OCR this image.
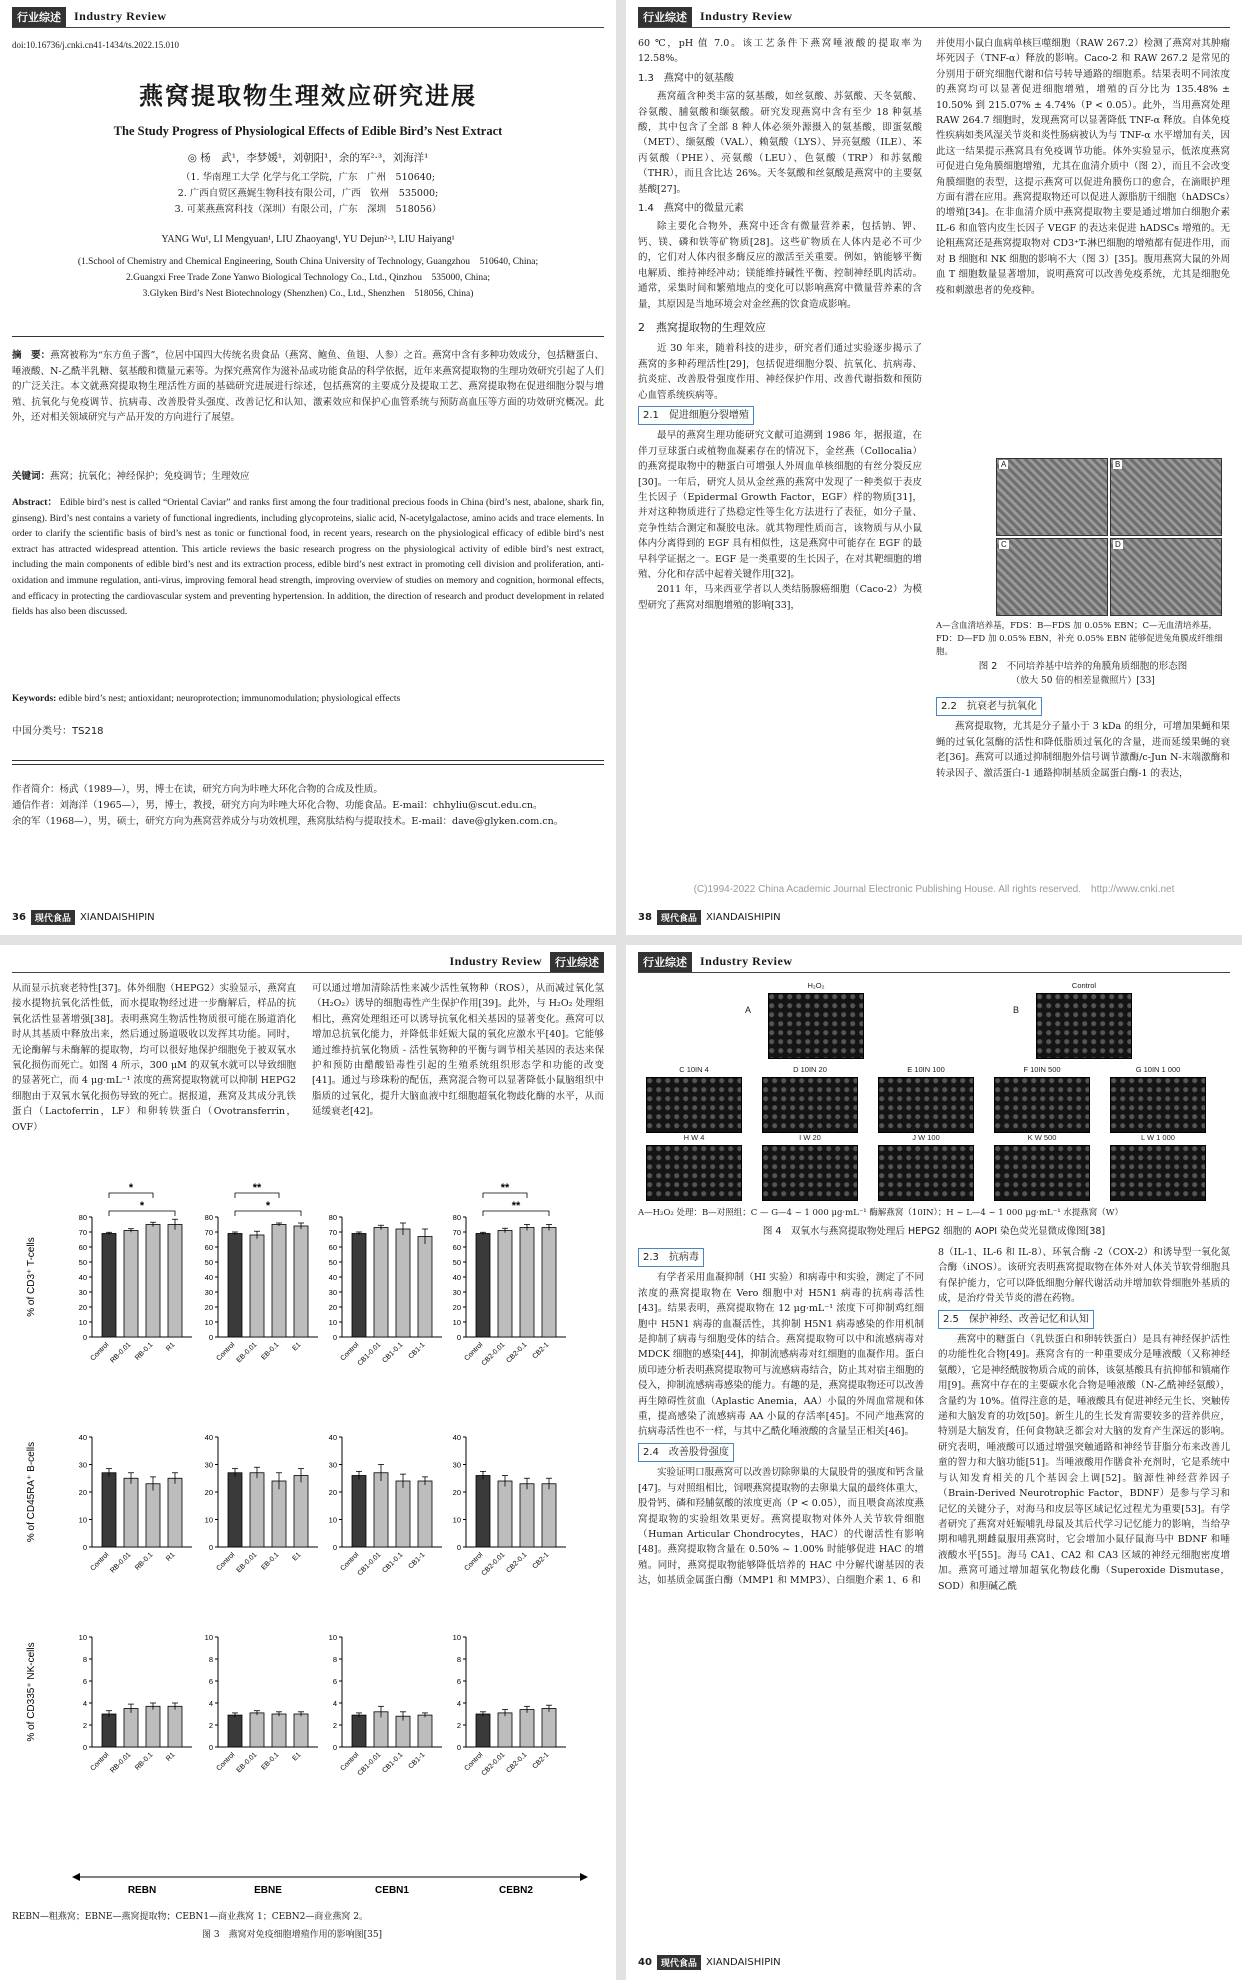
行业综述	Industry Review
doi:10.16736/j.cnki.cn41-1434/ts.2022.15.010
燕窝提取物生理效应研究进展
The Study Progress of Physiological Effects of Edible Bird’s Nest Extract
◎ 杨　武¹，李梦媛¹，刘朝阳¹，余的军²·³，刘海洋¹
（1. 华南理工大学 化学与化工学院，广东　广州　510640;
2. 广西自贸区燕娓生物科技有限公司，广西　钦州　535000;
3. 可莱燕燕窝科技（深圳）有限公司，广东　深圳　518056）
YANG Wu¹, LI Mengyuan¹, LIU Zhaoyang¹, YU Dejun²·³, LIU Haiyang¹
(1.School of Chemistry and Chemical Engineering, South China University of Technology, Guangzhou　510640, China;
2.Guangxi Free Trade Zone Yanwo Biological Technology Co., Ltd., Qinzhou　535000, China;
3.Glyken Bird’s Nest Biotechnology (Shenzhen) Co., Ltd., Shenzhen　518056, China)
摘　要：燕窝被称为“东方鱼子酱”，位居中国四大传统名贵食品（燕窝、鲍鱼、鱼翅、人参）之首。燕窝中含有多种功效成分，包括糖蛋白、唾液酸、N-乙酰半乳糖、氨基酸和微量元素等。为探究燕窝作为滋补品或功能食品的科学依据，近年来燕窝提取物的生理功效研究引起了人们的广泛关注。本文就燕窝提取物生理活性方面的基础研究进展进行综述，包括燕窝的主要成分及提取工艺、燕窝提取物在促进细胞分裂与增殖、抗氧化与免疫调节、抗病毒、改善股骨头强度、改善记忆和认知、激素效应和保护心血管系统与预防高血压等方面的功效研究概况。此外，还对相关领域研究与产品开发的方向进行了展望。
关键词：燕窝；抗氧化；神经保护；免疫调节；生理效应
Abstract： Edible bird’s nest is called “Oriental Caviar” and ranks first among the four traditional precious foods in China (bird’s nest, abalone, shark fin, ginseng). Bird’s nest contains a variety of functional ingredients, including glycoproteins, sialic acid, N-acetylgalactose, amino acids and trace elements. In order to clarify the scientific basis of bird’s nest as tonic or functional food, in recent years, research on the physiological efficacy of edible bird’s nest extract has attracted widespread attention. This article reviews the basic research progress on the physiological activity of edible bird’s nest extract, including the main components of edible bird’s nest and its extraction process, edible bird’s nest extract in promoting cell division and proliferation, anti-oxidation and immune regulation, anti-virus, improving femoral head strength, improving overview of studies on memory and cognition, hormonal effects, and efficacy in protecting the cardiovascular system and preventing hypertension. In addition, the direction of research and product development in related fields has also been discussed.
Keywords: edible bird’s nest; antioxidant; neuroprotection; immunomodulation; physiological effects
中国分类号：TS218
作者简介：杨武（1989—），男，博士在读，研究方向为咔唑大环化合物的合成及性质。
通信作者：刘海洋（1965—），男，博士，教授，研究方向为咔唑大环化合物、功能食品。E-mail：chhyliu@scut.edu.cn。
余的军（1968—），男，硕士，研究方向为燕窝营养成分与功效机理，燕窝肽结构与提取技术。E-mail：dave@glyken.com.cn。
36	现代食品 XIANDAISHIPIN
行业综述	Industry Review
60 ℃，pH 值 7.0。该工艺条件下燕窝唾液酸的提取率为 12.58%。
1.3　燕窝中的氨基酸
燕窝蕴含种类丰富的氨基酸，如丝氨酸、苏氨酸、天冬氨酸、谷氨酸、脯氨酸和缬氨酸。研究发现燕窝中含有至少 18 种氨基酸，其中包含了全部 8 种人体必须外源摄入的氨基酸，即蛋氨酸（MET）、缬氨酸（VAL）、赖氨酸（LYS）、异亮氨酸（ILE）、苯丙氨酸（PHE）、亮氨酸（LEU）、色氨酸（TRP）和苏氨酸（THR），而且含比达 26%。天冬氨酸和丝氨酸是燕窝中的主要氨基酸[27]。
1.4　燕窝中的微量元素
除主要化合物外，燕窝中还含有微量营养素，包括钠、钾、钙、镁、磷和铁等矿物质[28]。这些矿物质在人体内是必不可少的，它们对人体内很多酶反应的激活至关重要。例如，钠能够平衡电解质、维持神经冲动；镁能维持碱性平衡、控制神经肌肉活动。通常，采集时间和繁殖地点的变化可以影响燕窝中微量营养素的含量，其原因是当地环境会对金丝燕的饮食造成影响。
2　燕窝提取物的生理效应
近 30 年来，随着科技的进步，研究者们通过实验逐步揭示了燕窝的多种药理活性[29]，包括促进细胞分裂、抗氧化、抗病毒、抗炎症、改善股骨强度作用、神经保护作用、改善代谢指数和预防心血管系统疾病等。
2.1　促进细胞分裂增殖
最早的燕窝生理功能研究文献可追溯到 1986 年，据报道，在伴刀豆球蛋白或植物血凝素存在的情况下，金丝燕（Collocalia）的燕窝提取物中的糖蛋白可增强人外周血单核细胞的有丝分裂反应[30]。一年后，研究人员从金丝燕的燕窝中发现了一种类似于表皮生长因子（Epidermal Growth Factor，EGF）样的物质[31]，并对这种物质进行了热稳定性等生化方法进行了表征，如分子量、竞争性结合测定和凝胶电泳。就其物理性质而言，该物质与从小鼠体内分离得到的 EGF 具有相似性，这是燕窝中可能存在 EGF 的最早科学证据之一。EGF 是一类重要的生长因子，在对其靶细胞的增殖、分化和存活中起着关键作用[32]。
2011 年，马来西亚学者以人类结肠腺癌细胞（Caco-2）为模型研究了燕窝对细胞增殖的影响[33]，
并使用小鼠白血病单核巨噬细胞（RAW 267.2）检测了燕窝对其肿瘤坏死因子（TNF-α）释放的影响。Caco-2 和 RAW 267.2 是常见的分别用于研究细胞代谢和信号转导通路的细胞系。结果表明不同浓度的燕窝均可以显著促进细胞增殖，增殖的百分比为 135.48% ± 10.50% 到 215.07% ± 4.74%（P < 0.05）。此外，当用燕窝处理 RAW 264.7 细胞时，发现燕窝可以显著降低 TNF-α 释放。自体免疫性疾病如类风湿关节炎和炎性肠病被认为与 TNF-α 水平增加有关，因此这一结果提示燕窝具有免疫调节功能。体外实验显示，低浓度燕窝可促进白兔角膜细胞增殖，尤其在血清介质中（图 2），而且不会改变角膜细胞的表型，这提示燕窝可以促进角膜伤口的愈合，在滴眼护理方面有潜在应用。燕窝提取物还可以促进人源脂肪干细胞（hADSCs）的增殖[34]。在非血清介质中燕窝提取物主要是通过增加白细胞介素 IL-6 和血管内皮生长因子 VEGF 的表达来促进 hADSCs 增殖的。无论粗燕窝还是燕窝提取物对 CD3⁺T-淋巴细胞的增殖都有促进作用，而对 B 细胞和 NK 细胞的影响不大（图 3）[35]。腹用燕窝大鼠的外周血 T 细胞数量显著增加，说明燕窝可以改善免疫系统，尤其是细胞免疫和刺激患者的免疫种。
A	B
C	D
A—含血清培养基，FDS：B—FDS 加 0.05% EBN；C—无血清培养基，FD：D—FD 加 0.05% EBN，补充 0.05% EBN 能够促进兔角膜成纤维细胞。
图 2　不同培养基中培养的角膜角质细胞的形态图
（放大 50 倍的相差显微照片）[33]
2.2　抗衰老与抗氧化
燕窝提取物，尤其是分子量小于 3 kDa 的组分，可增加果蝇和果蝇的过氧化氢酶的活性和降低脂质过氧化的含量，进而延缓果蝇的衰老[36]。燕窝可以通过抑制细胞外信号调节激酶/c-Jun N-末端激酶和转录因子、激活蛋白-1 通路抑制基质金属蛋白酶-1 的表达，
38	现代食品 XIANDAISHIPIN
(C)1994-2022 China Academic Journal Electronic Publishing House. All rights reserved.　http://www.cnki.net
Industry Review	行业综述
从而显示抗衰老特性[37]。体外细胞（HEPG2）实验显示，燕窝直接水提物抗氧化活性低，而水提取物经过进一步酶解后，样品的抗氧化活性显著增强[38]。表明燕窝生物活性物质很可能在肠道消化时从其基质中释放出来，然后通过肠道吸收以发挥其功能。同时，无论酶解与未酶解的提取物，均可以很好地保护细胞免于被双氧水氧化损伤而死亡。如图 4 所示，300 μM 的双氧水就可以导致细胞的显著死亡，而 4 μg·mL⁻¹ 浓度的燕窝提取物就可以抑制 HEPG2 细胞由于双氧水氧化损伤导致的死亡。据报道，燕窝及其成分乳铁蛋白（Lactoferrin，LF）和卵转铁蛋白（Ovotransferrin，OVF）
可以通过增加清除活性来减少活性氧物种（ROS），从而减过氧化氢（H₂O₂）诱导的细胞毒性产生保护作用[39]。此外，与 H₂O₂ 处理组相比，燕窝处理组还可以诱导抗氧化相关基因的显著变化。燕窝可以增加总抗氧化能力，并降低非妊娠大鼠的氧化应激水平[40]。它能够通过维持抗氧化物质 - 活性氧物种的平衡与调节相关基因的表达来保护和预防由醋酸铅毒性引起的生殖系统组织形态学和功能的改变[41]。通过与珍珠粉的配伍，燕窝混合物可以显著降低小鼠脑组织中脂质的过氧化，提升大脑血液中红细胞超氧化物歧化酶的水平，从而延缓衰老[42]。
% of CD3⁺ T-cells
0
10
20
30
40
50
60
70
80
Control
RB-0.01 RB-0.1 R1
*
*
0
10
20
30
40
50
60
70
80
Control EB-0.01 EB-0.1 E1
*
**
0
10
20
30
40
50
60
70
80
Control
CB1-0.01
CB1-0.1 CB1-1
0
10
20
30
40
50
60
70
80
Control
CB2-0.01
CB2-0.1 CB2-1
**
**
% of CD45RA⁺ B-cells
0
10
20
30
40
Control
RB-0.01 RB-0.1 R1
0
10
20
30
40
Control EB-0.01 EB-0.1 E1
0
10
20
30
40
Control
CB1-0.01
CB1-0.1 CB1-1
0
10
20
30
40
Control
CB2-0.01
CB2-0.1 CB2-1
% of CD335⁺ NK-cells
0
2
4
6
8
10
Control
RB-0.01 RB-0.1 R1
0
2
4
6
8
10
Control EB-0.01 EB-0.1 E1
0
2
4
6
8
10
Control
CB1-0.01
CB1-0.1 CB1-1
0
2
4
6
8
10
Control
CB2-0.01
CB2-0.1 CB2-1
REBN	EBNE	CEBN1	CEBN2
REBN—粗燕窝；EBNE—燕窝提取物；CEBN1—商业燕窝 1；CEBN2—商业燕窝 2。
图 3　燕窝对免疫细胞增殖作用的影响图[35]
行业综述	Industry Review
H₂O₂
A
Control
B
C 10IN 4	D 10IN 20	E 10IN 100	F 10IN 500	G 10IN 1 000
H W 4	I W 20	J W 100	K W 500	L W 1 000
A—H₂O₂ 处理：B—对照组；C — G—4 ~ 1 000 μg·mL⁻¹ 酶解燕窝（10IN）；H ~ L—4 ~ 1 000 μg·mL⁻¹ 水提燕窝（W）
图 4　双氧水与燕窝提取物处理后 HEPG2 细胞的 AOPI 染色荧光显微成像图[38]
2.3　抗病毒
有学者采用血凝抑制（HI 实验）和病毒中和实验，测定了不同浓度的燕窝提取物在 Vero 细胞中对 H5N1 病毒的抗病毒活性[43]。结果表明，燕窝提取物在 12 μg·mL⁻¹ 浓度下可抑制鸡红细胞中 H5N1 病毒的血凝活性，其抑制 H5N1 病毒感染的作用机制是抑制了病毒与细胞受体的结合。燕窝提取物可以中和流感病毒对 MDCK 细胞的感染[44]，抑制流感病毒对红细胞的血凝作用。蛋白质印迹分析表明燕窝提取物可与流感病毒结合，防止其对宿主细胞的侵入，抑制流感病毒感染的能力。有趣的是，燕窝提取物还可以改善再生障碍性贫血（Aplastic Anemia，AA）小鼠的外周血常规和体重，提高感染了流感病毒 AA 小鼠的存活率[45]。不同产地燕窝的抗病毒活性也不一样，与其中乙酰化唾液酸的含量呈正相关[46]。
2.4　改善股骨强度
实验证明口服燕窝可以改善切除卵巢的大鼠股骨的强度和钙含量[47]。与对照组相比，饲喂燕窝提取物的去卵巢大鼠的最终体重大，股骨钙、磷和羟脯氨酸的浓度更高（P < 0.05），而且喂食高浓度燕窝提取物的实验组效果更好。燕窝提取物对体外人关节软骨细胞（Human Articular Chondrocytes，HAC）的代谢活性有影响[48]。燕窝提取物含量在 0.50% ~ 1.00% 时能够促进 HAC 的增殖。同时，燕窝提取物能够降低培养的 HAC 中分解代谢基因的表达，如基质金属蛋白酶（MMP1 和 MMP3）、白细胞介素 1、6 和
8（IL-1、IL-6 和 IL-8）、环氧合酶 -2（COX-2）和诱导型一氧化氮合酶（iNOS）。该研究表明燕窝提取物在体外对人体关节软骨细胞具有保护能力，它可以降低细胞分解代谢活动并增加软骨细胞外基质的成，是治疗骨关节炎的潜在药物。
2.5　保护神经、改善记忆和认知
燕窝中的糖蛋白（乳铁蛋白和卵转铁蛋白）是具有神经保护活性的功能性化合物[49]。燕窝含有的一种重要成分是唾液酸（又称神经氨酸），它是神经酰胺物质合成的前体，该氨基酸具有抗抑郁和镇痛作用[9]。燕窝中存在的主要碳水化合物是唾液酸（N-乙酰神经氨酸），含量约为 10%。值得注意的是，唾液酸具有促进神经元生长、突触传递和大脑发育的功效[50]。新生儿的生长发育需要较多的营养供应，特别是大脑发育，任何食物缺乏都会对大脑的发育产生深远的影响。研究表明，唾液酸可以通过增强突触通路和神经节苷脂分布来改善儿童的智力和大脑功能[51]。当唾液酸用作膳食补充剂时，它是系统中与认知发育相关的几个基因会上调[52]。脑源性神经营养因子（Brain-Derived Neurotrophic Factor，BDNF）是参与学习和记忆的关键分子，对海马和皮层等区域记忆过程尤为重要[53]。有学者研究了燕窝对妊娠哺乳母鼠及其后代学习记忆能力的影响，当给孕期和哺乳期雌鼠服用燕窝时，它会增加小鼠仔鼠海马中 BDNF 和唾液酸水平[55]。海马 CA1、CA2 和 CA3 区域的神经元细胞密度增加。燕窝可通过增加超氧化物歧化酶（Superoxide Dismutase，SOD）和胆碱乙酰
40	现代食品 XIANDAISHIPIN
